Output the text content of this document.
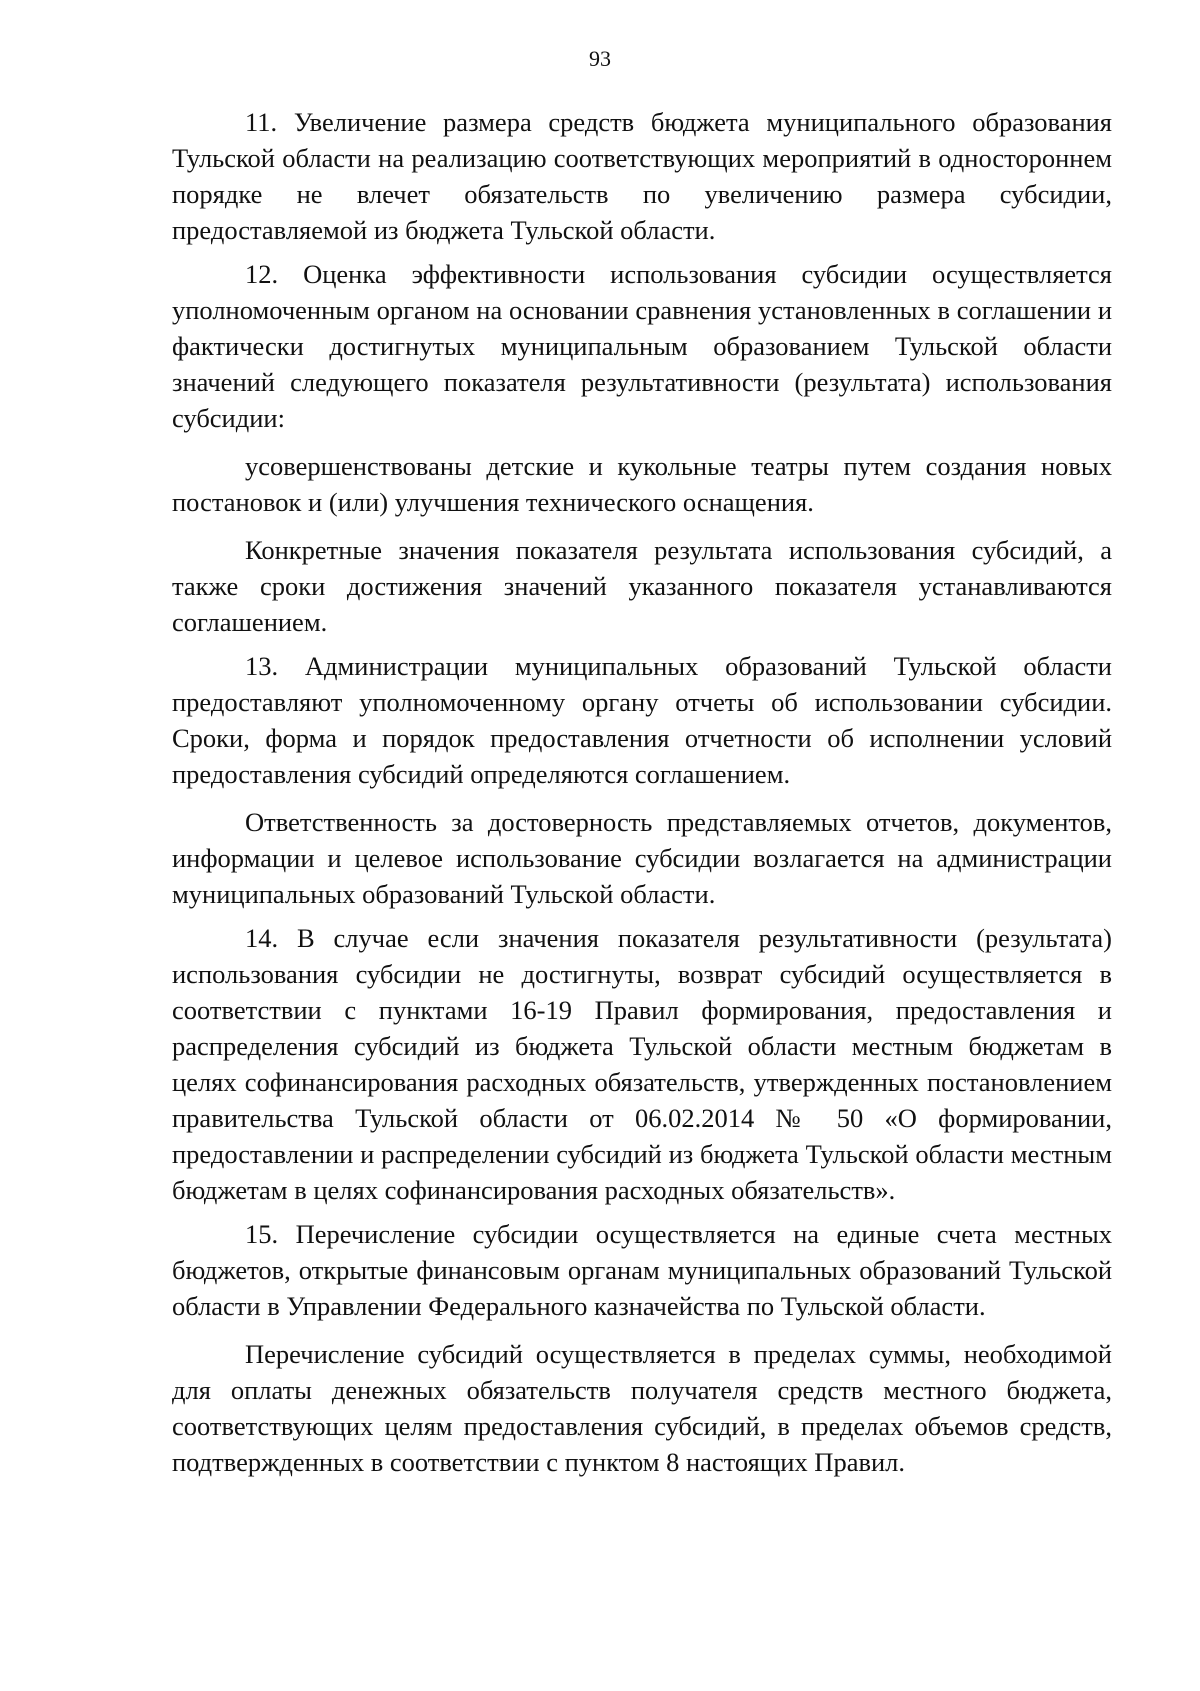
93

11. Увеличение размера средств бюджета муниципального образования Тульской области на реализацию соответствующих мероприятий в одностороннем порядке не влечет обязательств по увеличению размера субсидии, предоставляемой из бюджета Тульской области.

12. Оценка эффективности использования субсидии осуществляется уполномоченным органом на основании сравнения установленных в соглашении и фактически достигнутых муниципальным образованием Тульской области значений следующего показателя результативности (результата) использования субсидии:

усовершенствованы детские и кукольные театры путем создания новых постановок и (или) улучшения технического оснащения.

Конкретные значения показателя результата использования субсидий, а также сроки достижения значений указанного показателя устанавливаются соглашением.

13. Администрации муниципальных образований Тульской области предоставляют уполномоченному органу отчеты об использовании субсидии. Сроки, форма и порядок предоставления отчетности об исполнении условий предоставления субсидий определяются соглашением.

Ответственность за достоверность представляемых отчетов, документов, информации и целевое использование субсидии возлагается на администрации муниципальных образований Тульской области.

14. В случае если значения показателя результативности (результата) использования субсидии не достигнуты, возврат субсидий осуществляется в соответствии с пунктами 16-19 Правил формирования, предоставления и распределения субсидий из бюджета Тульской области местным бюджетам в целях софинансирования расходных обязательств, утвержденных постановлением правительства Тульской области от 06.02.2014 № 50 «О формировании, предоставлении и распределении субсидий из бюджета Тульской области местным бюджетам в целях софинансирования расходных обязательств».

15. Перечисление субсидии осуществляется на единые счета местных бюджетов, открытые финансовым органам муниципальных образований Тульской области в Управлении Федерального казначейства по Тульской области.

Перечисление субсидий осуществляется в пределах суммы, необходимой для оплаты денежных обязательств получателя средств местного бюджета, соответствующих целям предоставления субсидий, в пределах объемов средств, подтвержденных в соответствии с пунктом 8 настоящих Правил.
